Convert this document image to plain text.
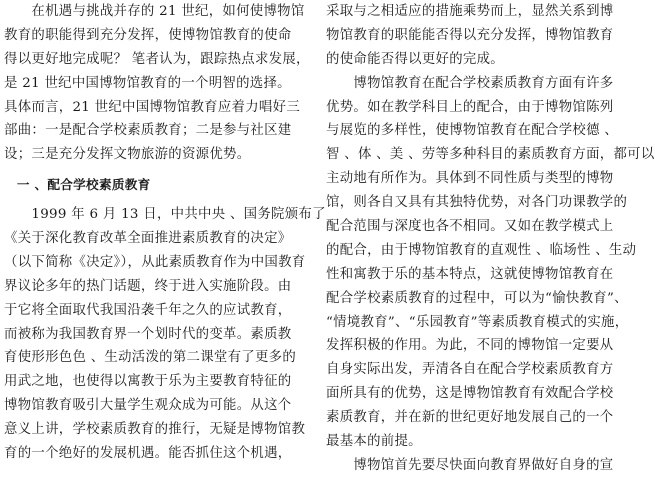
　　在机遇与挑战并存的 21 世纪，如何使博物馆
教育的职能得到充分发挥，使博物馆教育的使命
得以更好地完成呢？ 笔者认为，跟踪热点求发展，
是 21 世纪中国博物馆教育的一个明智的选择。
具体而言，21 世纪中国博物馆教育应着力唱好三
部曲：一是配合学校素质教育；二是参与社区建
设；三是充分发挥文物旅游的资源优势。
　一 、配合学校素质教育
　　1999 年 6 月 13 日，中共中央 、国务院颁布了
《关于深化教育改革全面推进素质教育的决定》
（以下简称《决定》），从此素质教育作为中国教育
界议论多年的热门话题，终于进入实施阶段。由
于它将全面取代我国沿袭千年之久的应试教育，
而被称为我国教育界一个划时代的变革。素质教
育使形形色色 、生动活泼的第二课堂有了更多的
用武之地，也使得以寓教于乐为主要教育特征的
博物馆教育吸引大量学生观众成为可能。从这个
意义上讲，学校素质教育的推行，无疑是博物馆教
育的一个绝好的发展机遇。能否抓住这个机遇，
采取与之相适应的措施乘势而上，显然关系到博
物馆教育的职能能否得以充分发挥，博物馆教育
的使命能否得以更好的完成。
　　博物馆教育在配合学校素质教育方面有许多
优势。如在教学科目上的配合，由于博物馆陈列
与展览的多样性，使博物馆教育在配合学校德 、
智 、体 、美 、劳等多种科目的素质教育方面，都可以
主动地有所作为。具体到不同性质与类型的博物
馆，则各自又具有其独特优势，对各门功课教学的
配合范围与深度也各不相同。又如在教学模式上
的配合，由于博物馆教育的直观性 、临场性 、生动
性和寓教于乐的基本特点，这就使博物馆教育在
配合学校素质教育的过程中，可以为“愉快教育”、
“情境教育”、“乐园教育”等素质教育模式的实施，
发挥积极的作用。为此，不同的博物馆一定要从
自身实际出发，弄清各自在配合学校素质教育方
面所具有的优势，这是博物馆教育有效配合学校
素质教育，并在新的世纪更好地发展自己的一个
最基本的前提。
　　博物馆首先要尽快面向教育界做好自身的宣
